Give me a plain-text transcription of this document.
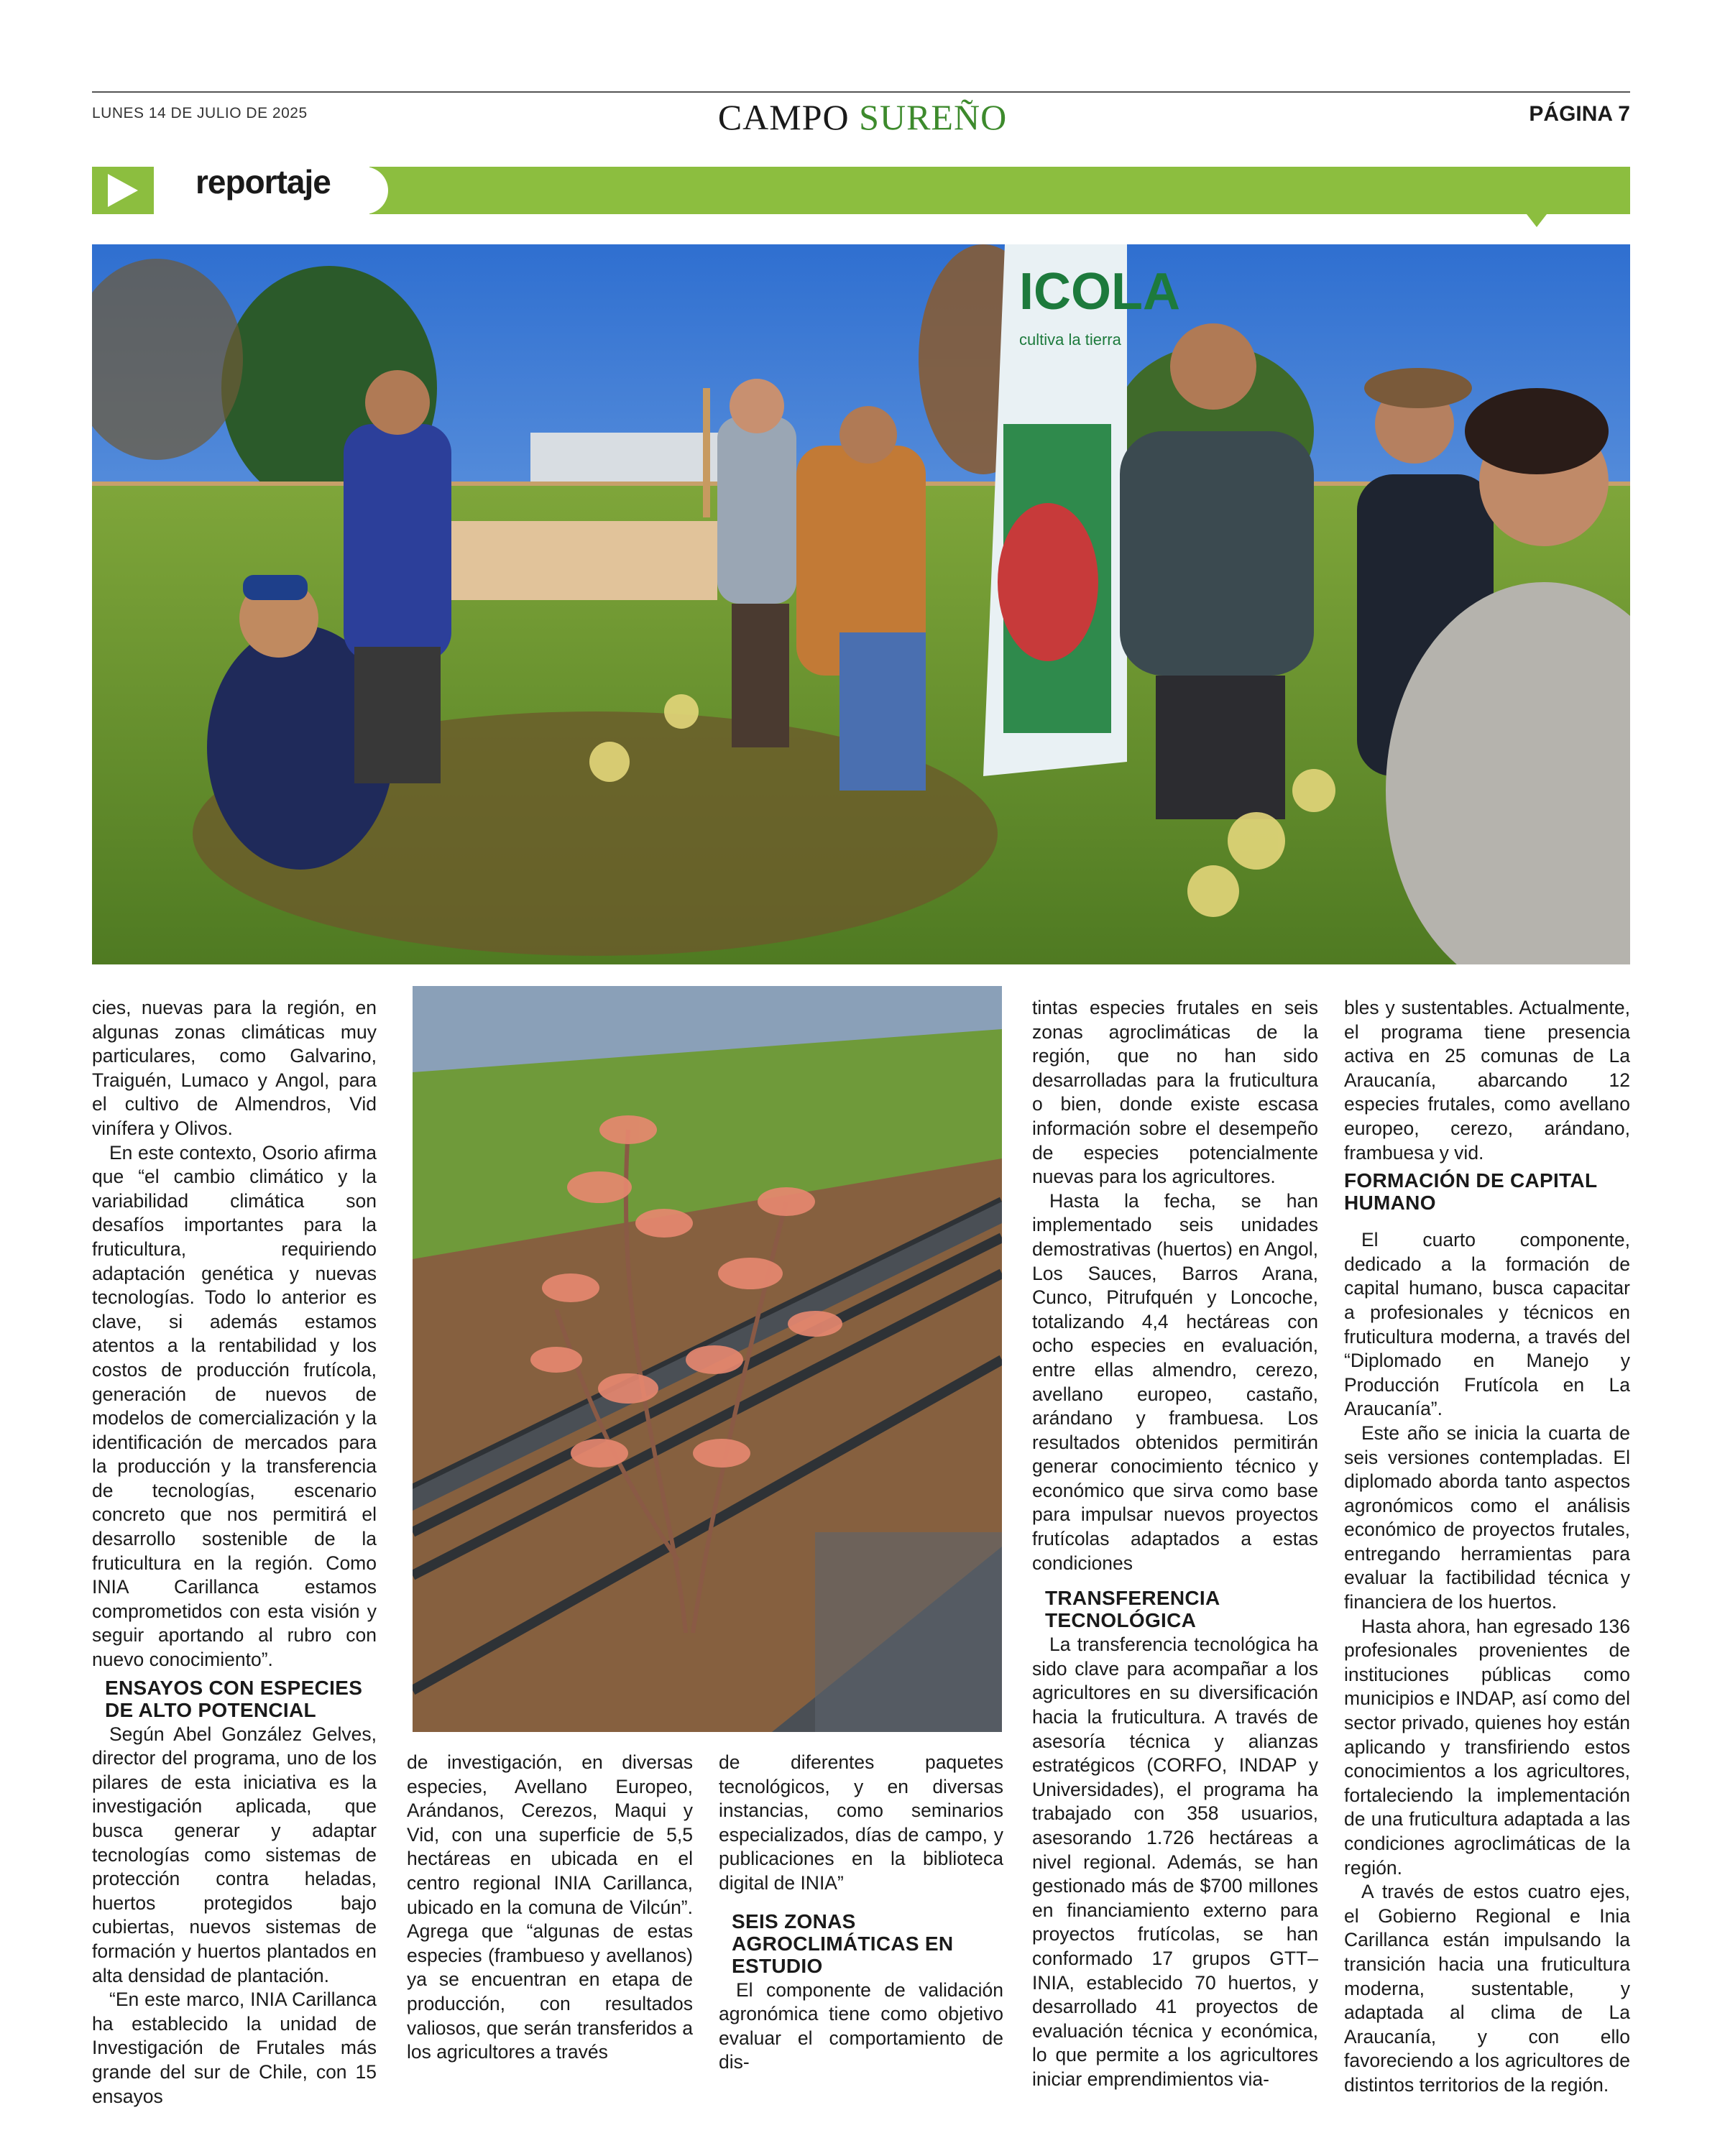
LUNES 14 DE JULIO DE 2025	CAMPO SUREÑO	PÁGINA 7
reportaje
ICOLA
cultiva la tierra

cies, nuevas para la región, en algunas zonas climáticas muy particulares, como Galvarino, Traiguén, Lumaco y Angol, para el cultivo de Almendros, Vid vinífera y Olivos.

En este contexto, Osorio afirma que “el cambio climático y la variabilidad climática son desafíos importantes para la fruticultura, requiriendo adaptación genética y nuevas tecnologías. Todo lo anterior es clave, si además estamos atentos a la rentabilidad y los costos de producción frutícola, generación de nuevos de modelos de comercialización y la identificación de mercados para la producción y la transferencia de tecnologías, escenario concreto que nos permitirá el desarrollo sostenible de la fruticultura en la región. Como INIA Carillanca estamos comprometidos con esta visión y seguir aportando al rubro con nuevo conocimiento”.

ENSAYOS CON ESPECIES DE ALTO POTENCIAL

Según Abel González Gelves, director del programa, uno de los pilares de esta iniciativa es la investigación aplicada, que busca generar y adaptar tecnologías como sistemas de protección contra heladas, huertos protegidos bajo cubiertas, nuevos sistemas de formación y huertos plantados en alta densidad de plantación.

“En este marco, INIA Carillanca ha establecido la unidad de Investigación de Frutales más grande del sur de Chile, con 15 ensayos

de investigación, en diversas especies, Avellano Europeo, Arándanos, Cerezos, Maqui y Vid, con una superficie de 5,5 hectáreas en ubicada en el centro regional INIA Carillanca, ubicado en la comuna de Vilcún”. Agrega que “algunas de estas especies (frambueso y avellanos) ya se encuentran en etapa de producción, con resultados valiosos, que serán transferidos a los agricultores a través

de diferentes paquetes tecnológicos, y en diversas instancias, como seminarios especializados, días de campo, y publicaciones en la biblioteca digital de INIA”

SEIS ZONAS AGROCLIMÁTICAS EN ESTUDIO

El componente de validación agronómica tiene como objetivo evaluar el comportamiento de dis-

tintas especies frutales en seis zonas agroclimáticas de la región, que no han sido desarrolladas para la fruticultura o bien, donde existe escasa información sobre el desempeño de especies potencialmente nuevas para los agricultores.

Hasta la fecha, se han implementado seis unidades demostrativas (huertos) en Angol, Los Sauces, Barros Arana, Cunco, Pitrufquén y Loncoche, totalizando 4,4 hectáreas con ocho especies en evaluación, entre ellas almendro, cerezo, avellano europeo, castaño, arándano y frambuesa. Los resultados obtenidos permitirán generar conocimiento técnico y económico que sirva como base para impulsar nuevos proyectos frutícolas adaptados a estas condiciones

TRANSFERENCIA TECNOLÓGICA

La transferencia tecnológica ha sido clave para acompañar a los agricultores en su diversificación hacia la fruticultura. A través de asesoría técnica y alianzas estratégicos (CORFO, INDAP y Universidades), el programa ha trabajado con 358 usuarios, asesorando 1.726 hectáreas a nivel regional. Además, se han gestionado más de $700 millones en financiamiento externo para proyectos frutícolas, se han conformado 17 grupos GTT–INIA, establecido 70 huertos, y desarrollado 41 proyectos de evaluación técnica y económica, lo que permite a los agricultores iniciar emprendimientos via-

bles y sustentables. Actualmente, el programa tiene presencia activa en 25 comunas de La Araucanía, abarcando 12 especies frutales, como avellano europeo, cerezo, arándano, frambuesa y vid.

FORMACIÓN DE CAPITAL HUMANO

El cuarto componente, dedicado a la formación de capital humano, busca capacitar a profesionales y técnicos en fruticultura moderna, a través del “Diplomado en Manejo y Producción Frutícola en La Araucanía”.

Este año se inicia la cuarta de seis versiones contempladas. El diplomado aborda tanto aspectos agronómicos como el análisis económico de proyectos frutales, entregando herramientas para evaluar la factibilidad técnica y financiera de los huertos.

Hasta ahora, han egresado 136 profesionales provenientes de instituciones públicas como municipios e INDAP, así como del sector privado, quienes hoy están aplicando y transfiriendo estos conocimientos a los agricultores, fortaleciendo la implementación de una fruticultura adaptada a las condiciones agroclimáticas de la región.

A través de estos cuatro ejes, el Gobierno Regional e Inia Carillanca están impulsando la transición hacia una fruticultura moderna, sustentable, y adaptada al clima de La Araucanía, y con ello favoreciendo a los agricultores de distintos territorios de la región.
